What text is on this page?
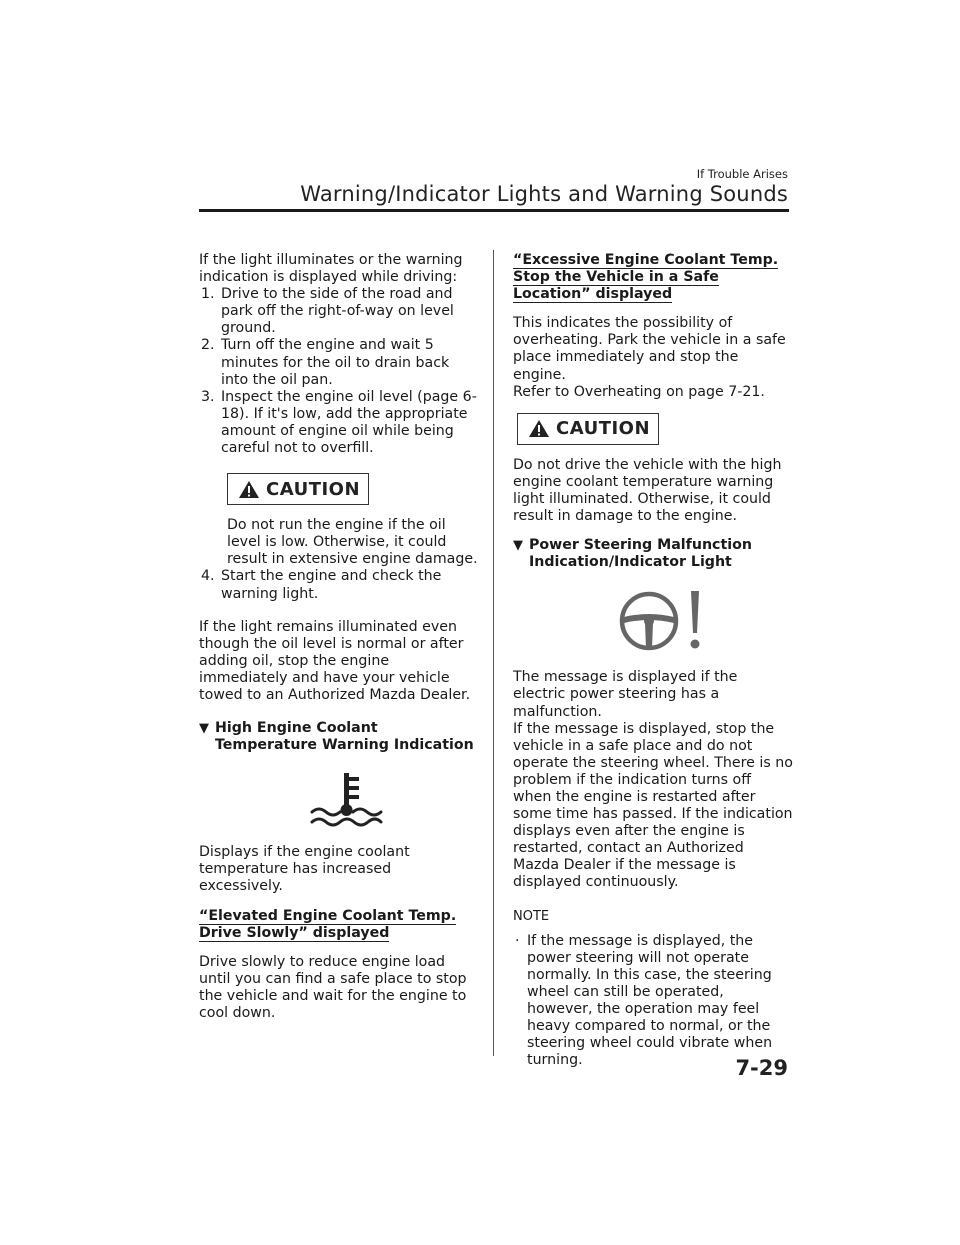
If Trouble Arises
Warning/Indicator Lights and Warning Sounds

If the light illuminates or the warning indication is displayed while driving:

1. Drive to the side of the road and park off the right-of-way on level ground.
2. Turn off the engine and wait 5 minutes for the oil to drain back into the oil pan.
3. Inspect the engine oil level (page 6-18). If it's low, add the appropriate amount of engine oil while being careful not to overfill.
CAUTION

Do not run the engine if the oil level is low. Otherwise, it could result in extensive engine damage.

4. Start the engine and check the warning light.

If the light remains illuminated even though the oil level is normal or after adding oil, stop the engine immediately and have your vehicle towed to an Authorized Mazda Dealer.

▼ High Engine Coolant Temperature Warning Indication

Displays if the engine coolant temperature has increased excessively.

“Elevated Engine Coolant Temp. Drive Slowly” displayed

Drive slowly to reduce engine load until you can find a safe place to stop the vehicle and wait for the engine to cool down.

“Excessive Engine Coolant Temp. Stop the Vehicle in a Safe Location” displayed

This indicates the possibility of overheating. Park the vehicle in a safe place immediately and stop the engine.

Refer to Overheating on page 7-21.

CAUTION

Do not drive the vehicle with the high engine coolant temperature warning light illuminated. Otherwise, it could result in damage to the engine.

▼ Power Steering Malfunction Indication/Indicator Light

The message is displayed if the electric power steering has a malfunction.

If the message is displayed, stop the vehicle in a safe place and do not operate the steering wheel. There is no problem if the indication turns off when the engine is restarted after some time has passed. If the indication displays even after the engine is restarted, contact an Authorized Mazda Dealer if the message is displayed continuously.

NOTE

· If the message is displayed, the power steering will not operate normally. In this case, the steering wheel can still be operated, however, the operation may feel heavy compared to normal, or the steering wheel could vibrate when turning.	7-29
